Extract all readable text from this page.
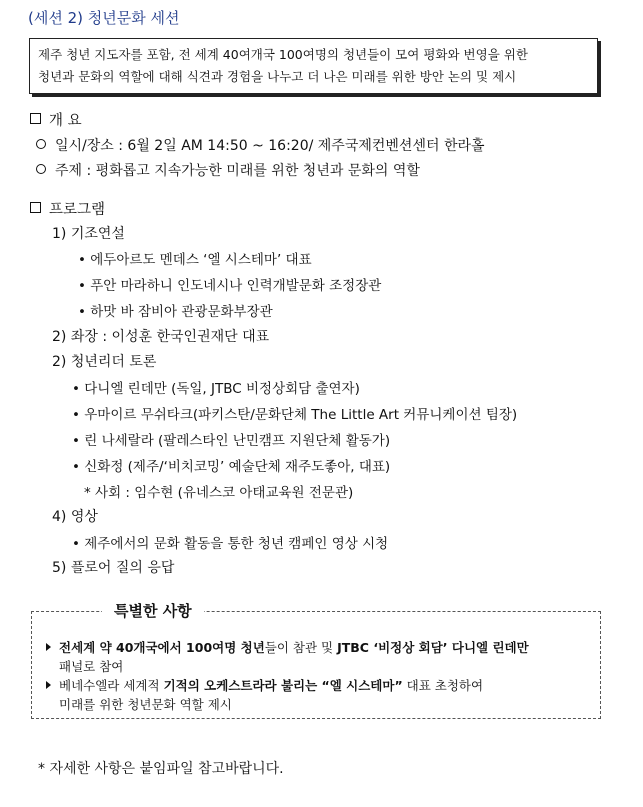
(세션 2) 청년문화 세션
제주 청년 지도자를 포함, 전 세계 40여개국 100여명의 청년들이 모여 평화와 번영을 위한
청년과 문화의 역할에 대해 식견과 경험을 나누고 더 나은 미래를 위한 방안 논의 및 제시
개 요
일시/장소 : 6월 2일 AM 14:50 ~ 16:20/ 제주국제컨벤션센터 한라홀
주제 : 평화롭고 지속가능한 미래를 위한 청년과 문화의 역할
프로그램
1) 기조연설
• 에두아르도 멘데스 ‘엘 시스테마’ 대표
• 푸안 마라하니 인도네시나 인력개발문화 조정장관
• 하맛 바 잠비아 관광문화부장관
2) 좌장 : 이성훈 한국인권재단 대표
2) 청년리더 토론
• 다니엘 린데만 (독일, JTBC 비정상회담 출연자)
• 우마이르 무쉬타크(파키스탄/문화단체 The Little Art 커뮤니케이션 팀장)
• 린 나세랄라 (팔레스타인 난민캠프 지원단체 활동가)
• 신화정 (제주/‘비치코밍’ 예술단체 재주도좋아, 대표)
* 사회 : 임수현 (유네스코 아태교육원 전문관)
4) 영상
• 제주에서의 문화 활동을 통한 청년 캠페인 영상 시청
5) 플로어 질의 응답
특별한 사항
전세계 약 40개국에서 100여명 청년들이 참관 및 JTBC ‘비정상 회담’ 다니엘 린데만
패널로 참여
베네수엘라 세계적 기적의 오케스트라라 불리는 “엘 시스테마” 대표 초청하여
미래를 위한 청년문화 역할 제시
* 자세한 사항은 붙임파일 참고바랍니다.
